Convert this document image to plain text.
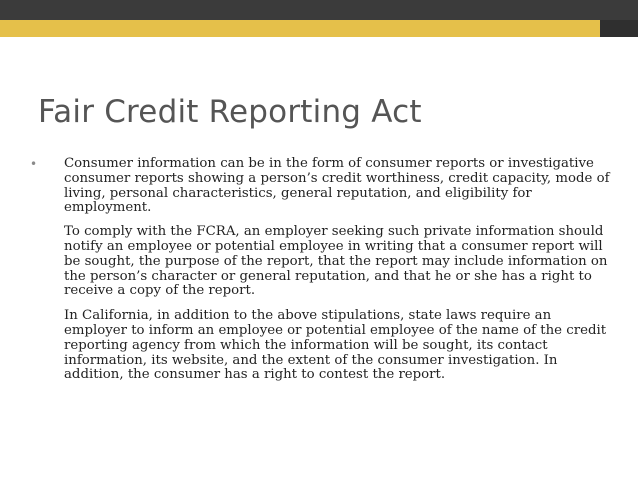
Fair Credit Reporting Act

• Consumer information can be in the form of consumer reports or investigative consumer reports showing a person’s credit worthiness, credit capacity, mode of living, personal characteristics, general reputation, and eligibility for employment.

To comply with the FCRA, an employer seeking such private information should notify an employee or potential employee in writing that a consumer report will be sought, the purpose of the report, that the report may include information on the person’s character or general reputation, and that he or she has a right to receive a copy of the report.

In California, in addition to the above stipulations, state laws require an employer to inform an employee or potential employee of the name of the credit reporting agency from which the information will be sought, its contact information, its website, and the extent of the consumer investigation. In addition, the consumer has a right to contest the report.
